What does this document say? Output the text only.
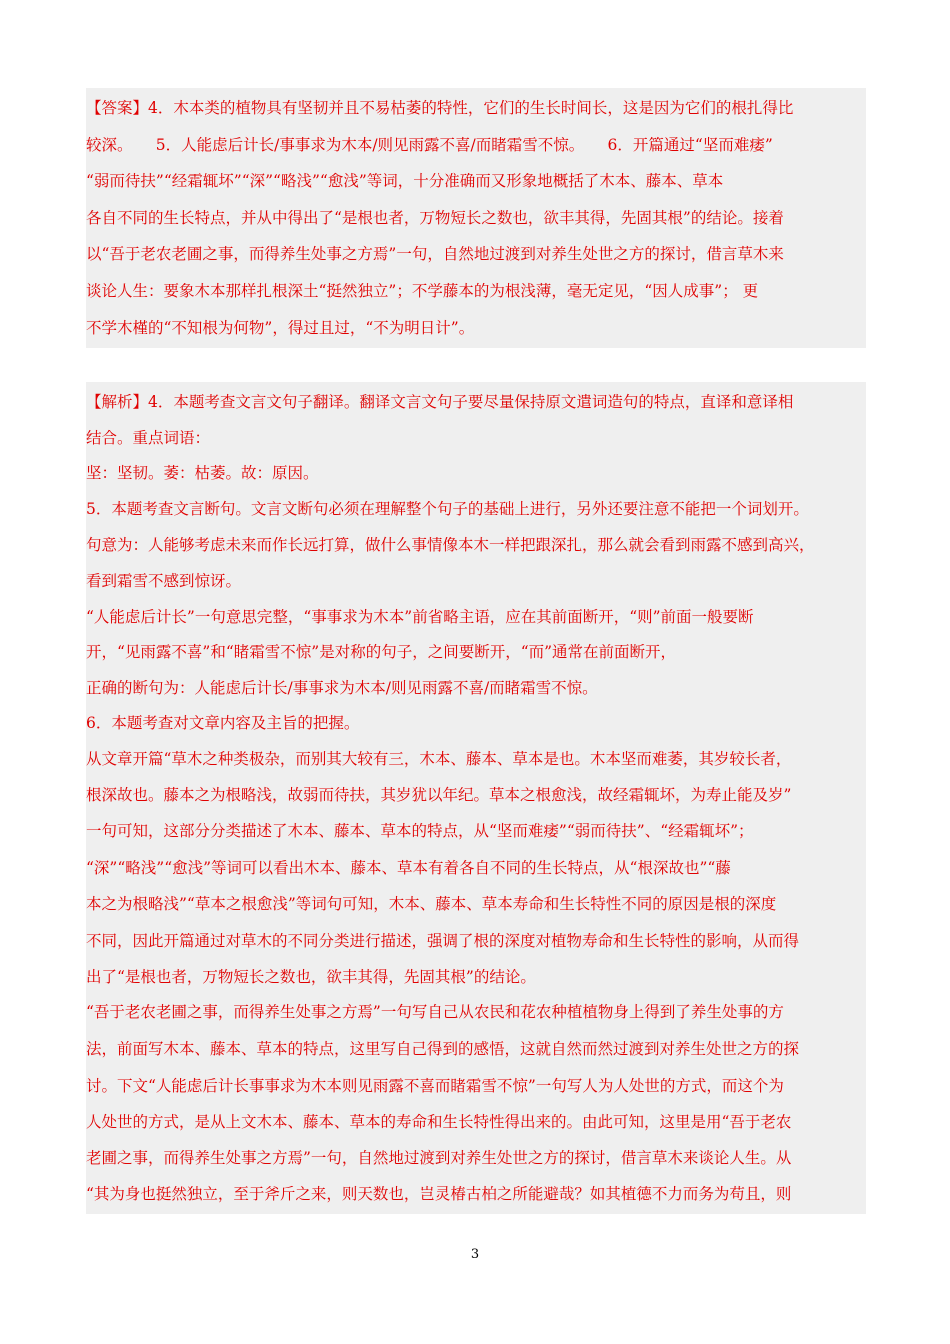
【答案】4．木本类的植物具有坚韧并且不易枯萎的特性，它们的生长时间长，这是因为它们的根扎得比
较深。　　5．人能虑后计长/事事求为木本/则见雨露不喜/而睹霜雪不惊。　　6．开篇通过“坚而难痿”
“弱而待扶”“经霜辄坏”“深”“略浅”“愈浅”等词，十分准确而又形象地概括了木本、藤本、草本
各自不同的生长特点，并从中得出了“是根也者，万物短长之数也，欲丰其得，先固其根”的结论。接着
以“吾于老农老圃之事，而得养生处事之方焉”一句，自然地过渡到对养生处世之方的探讨，借言草木来
谈论人生：要象木本那样扎根深土“挺然独立”；不学藤本的为根浅薄，毫无定见，“因人成事”； 更
不学木槿的“不知根为何物”，得过且过，“不为明日计”。
【解析】4．本题考查文言文句子翻译。翻译文言文句子要尽量保持原文遣词造句的特点，直译和意译相
结合。重点词语：
坚：坚韧。萎：枯萎。故：原因。
5．本题考查文言断句。文言文断句必须在理解整个句子的基础上进行，另外还要注意不能把一个词划开。
句意为：人能够考虑未来而作长远打算，做什么事情像本木一样把跟深扎，那么就会看到雨露不感到高兴，
看到霜雪不感到惊讶。
“人能虑后计长”一句意思完整，“事事求为木本”前省略主语，应在其前面断开，“则”前面一般要断
开，“见雨露不喜”和“睹霜雪不惊”是对称的句子，之间要断开，“而”通常在前面断开，
正确的断句为：人能虑后计长/事事求为木本/则见雨露不喜/而睹霜雪不惊。
6．本题考查对文章内容及主旨的把握。
从文章开篇“草木之种类极杂，而别其大较有三，木本、藤本、草本是也。木本坚而难萎，其岁较长者，
根深故也。藤本之为根略浅，故弱而待扶，其岁犹以年纪。草本之根愈浅，故经霜辄坏，为寿止能及岁”
一句可知，这部分分类描述了木本、藤本、草本的特点，从“坚而难痿”“弱而待扶”、“经霜辄坏”；
“深”“略浅”“愈浅”等词可以看出木本、藤本、草本有着各自不同的生长特点，从“根深故也”“藤
本之为根略浅”“草本之根愈浅”等词句可知，木本、藤本、草本寿命和生长特性不同的原因是根的深度
不同，因此开篇通过对草木的不同分类进行描述，强调了根的深度对植物寿命和生长特性的影响，从而得
出了“是根也者，万物短长之数也，欲丰其得，先固其根”的结论。
“吾于老农老圃之事，而得养生处事之方焉”一句写自己从农民和花农种植植物身上得到了养生处事的方
法，前面写木本、藤本、草本的特点，这里写自己得到的感悟，这就自然而然过渡到对养生处世之方的探
讨。下文“人能虑后计长事事求为木本则见雨露不喜而睹霜雪不惊”一句写人为人处世的方式，而这个为
人处世的方式，是从上文木本、藤本、草本的寿命和生长特性得出来的。由此可知，这里是用“吾于老农
老圃之事，而得养生处事之方焉”一句，自然地过渡到对养生处世之方的探讨，借言草木来谈论人生。从
“其为身也挺然独立，至于斧斤之来，则天数也，岂灵椿古柏之所能避哉？如其植德不力而务为苟且，则
3
